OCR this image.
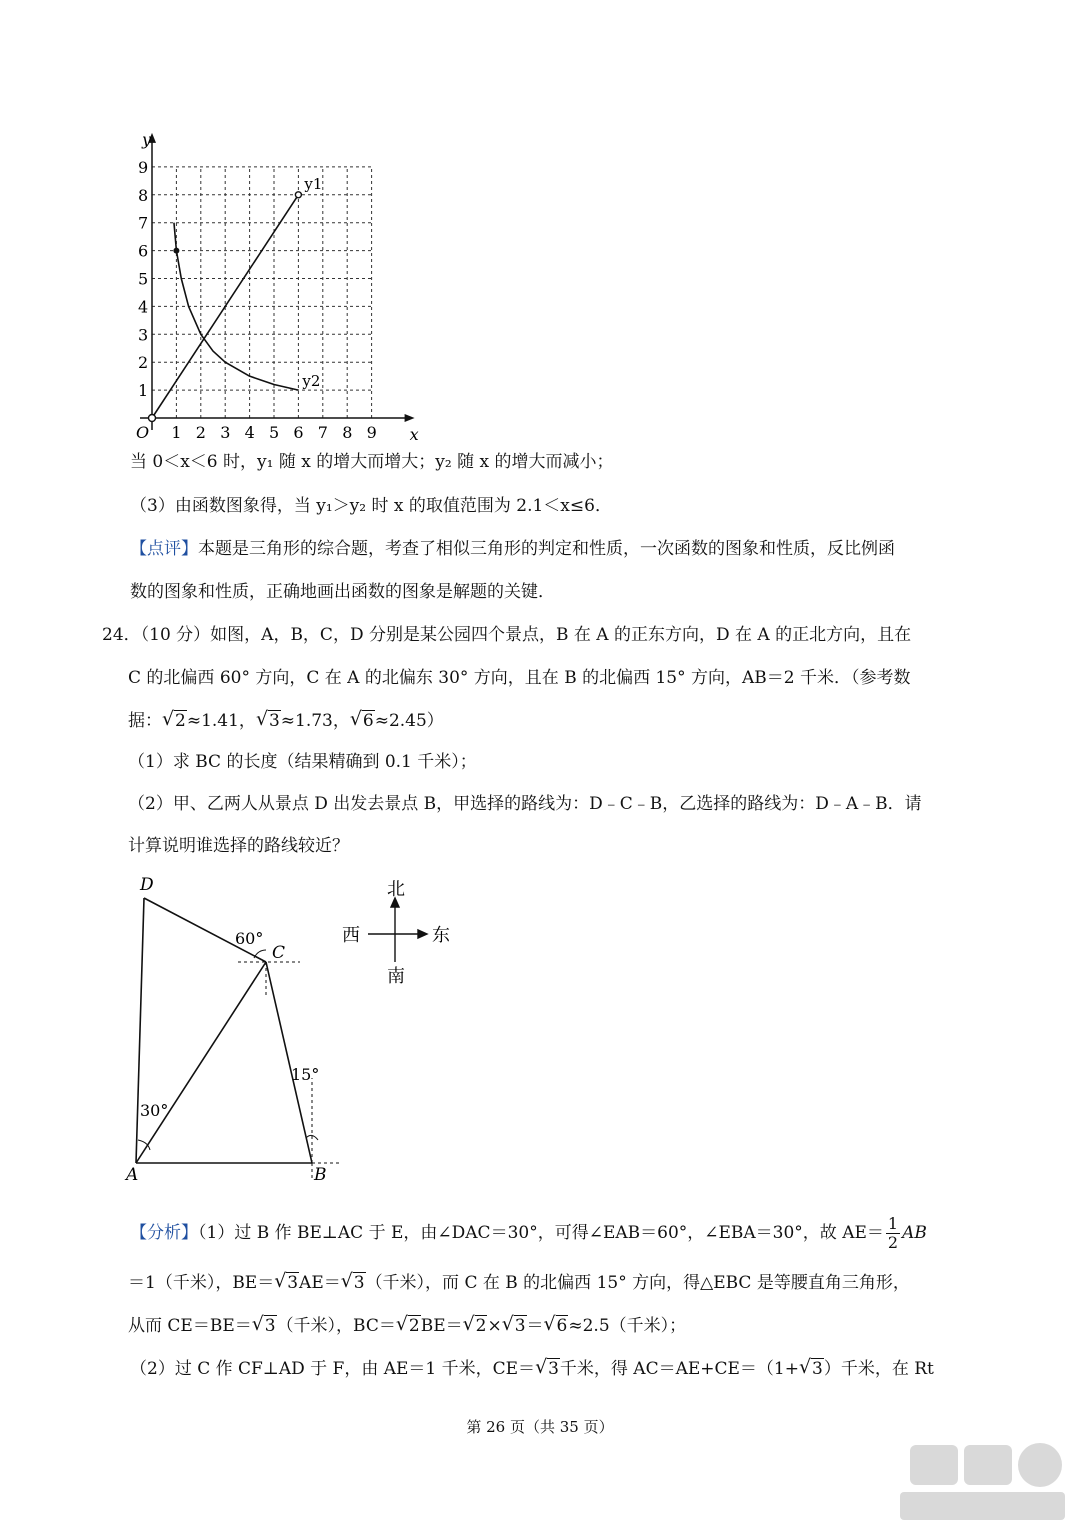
1 2 3 4 5 6 7 8 9
1
2
3
4
5
6
7
8
9
x
y
O
y1
y2
当 0＜x＜6 时，y₁ 随 x 的增大而增大；y₂ 随 x 的增大而减小；
（3）由函数图象得，当 y₁＞y₂ 时 x 的取值范围为 2.1＜x≤6．
【点评】本题是三角形的综合题，考查了相似三角形的判定和性质，一次函数的图象和性质，反比例函
数的图象和性质，正确地画出函数的图象是解题的关键．
24．（10 分）如图，A，B，C，D 分别是某公园四个景点，B 在 A 的正东方向，D 在 A 的正北方向，且在
C 的北偏西 60° 方向，C 在 A 的北偏东 30° 方向，且在 B 的北偏西 15° 方向，AB＝2 千米．（参考数
据： √ 2≈1.41， √ 3≈1.73， √ 6≈2.45）
（1）求 BC 的长度（结果精确到 0.1 千米）；
（2）甲、乙两人从景点 D 出发去景点 B，甲选择的路线为：D﹣C﹣B，乙选择的路线为：D﹣A﹣B．请
计算说明谁选择的路线较近？
D
C
A	B
60°
30°
15°
北
南
西	东
【分析】（1）过 B 作 BE⊥AC 于 E，由∠DAC＝30°，可得∠EAB＝60°，∠EBA＝30°，故 $AE= \frac{1}{2}$ AB
＝1（千米），BE＝ √ 3AE＝ √ 3（千米），而 C 在 B 的北偏西 15° 方向，得△EBC 是等腰直角三角形，
从而 CE＝BE＝ √ 3（千米），BC＝ √ 2BE＝ √ 2× √ 3＝ √ 6≈2.5（千米）；
（2）过 C 作 CF⊥AD 于 F，由 AE＝1 千米，CE＝ √ 3千米，得 AC＝AE+CE＝（1+ √ 3）千米，在 Rt
第 26 页（共 35 页）
